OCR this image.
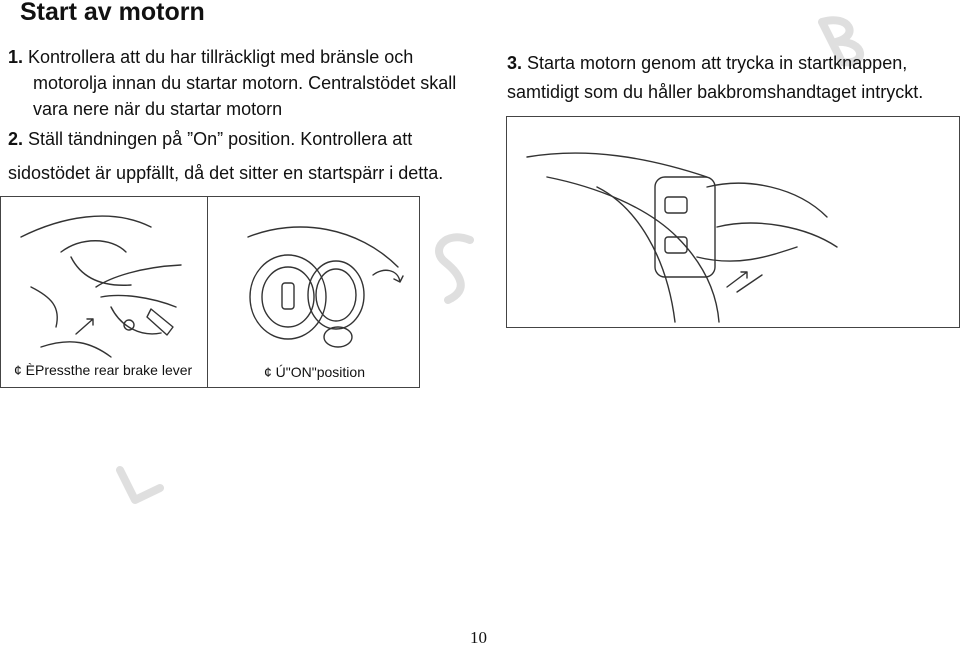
Start av motorn
1. Kontrollera att du har tillräckligt med bränsle och
motorolja innan du startar motorn. Centralstödet skall
vara nere när du startar motorn
2. Ställ tändningen på ”On” position. Kontrollera att
sidostödet är uppfällt, då det sitter en startspärr i detta.
3. Starta motorn genom att trycka in startknappen,
samtidigt som du håller bakbromshandtaget intryckt.
¢ ÈPressthe rear brake lever	¢ Ú"ON"position
10
